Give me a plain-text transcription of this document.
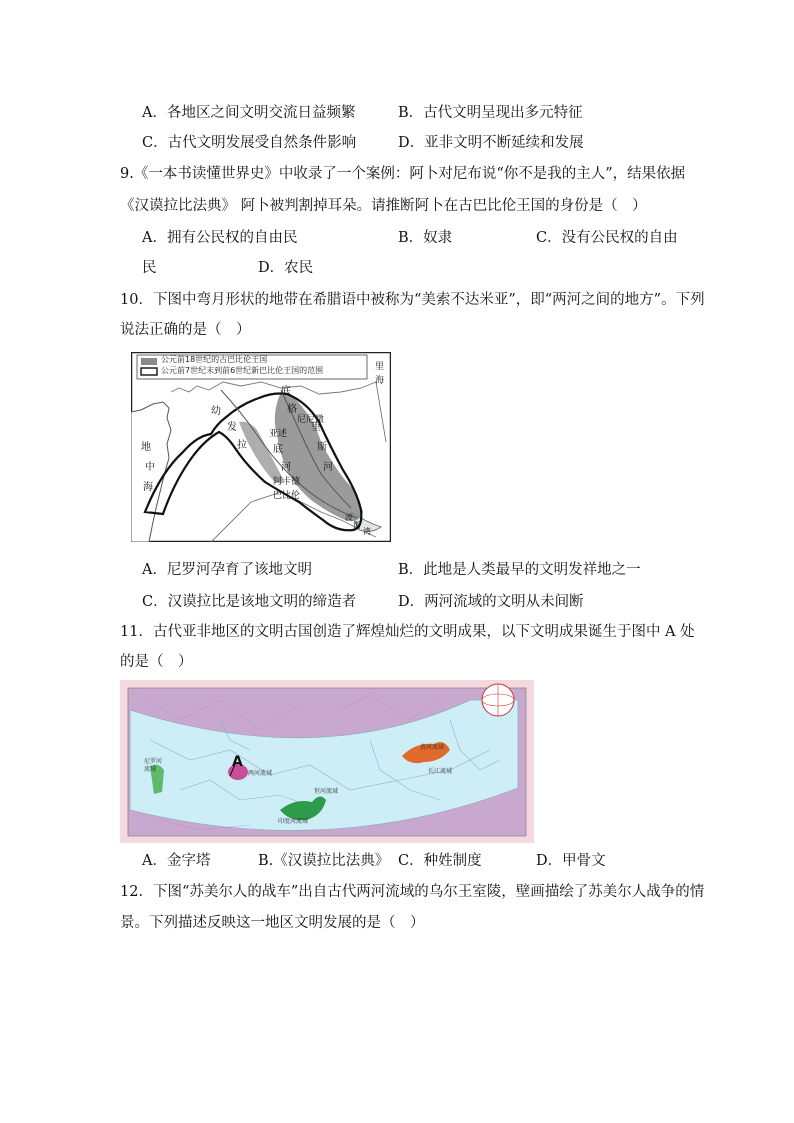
A．各地区之间文明交流日益频繁	B．古代文明呈现出多元特征
C．古代文明发展受自然条件影响	D．亚非文明不断延续和发展
9.《一本书读懂世界史》中收录了一个案例：阿卜对尼布说“你不是我的主人”，结果依据
《汉谟拉比法典》 阿卜被判割掉耳朵。请推断阿卜在古巴比伦王国的身份是（　）
A．拥有公民权的自由民	B．奴隶	C．没有公民权的自由
民	D．农民
10．下图中弯月形状的地带在希腊语中被称为“美索不达米亚”，即“两河之间的地方”。下列
说法正确的是（　）
公元前18世纪的古巴比伦王国
公元前7世纪末到前6世纪新巴比伦王国的范围	里
海
地
中
海
幼
发
拉	底
河
底
格
里
斯
河
尼尼微
亚述
阿卡德
巴比伦
波
斯
湾
A．尼罗河孕育了该地文明	B．此地是人类最早的文明发祥地之一
C．汉谟拉比是该地文明的缔造者	D．两河流域的文明从未间断
11．古代亚非地区的文明古国创造了辉煌灿烂的文明成果，以下文明成果诞生于图中 A 处
的是（　）
A
尼罗河
流域
两河流域
印度河流域
恒河流域
黄河流域
长江流域
A．金字塔	B.《汉谟拉比法典》 C．种姓制度	D．甲骨文
12．下图“苏美尔人的战车”出自古代两河流域的乌尔王室陵，壁画描绘了苏美尔人战争的情
景。下列描述反映这一地区文明发展的是（　）
